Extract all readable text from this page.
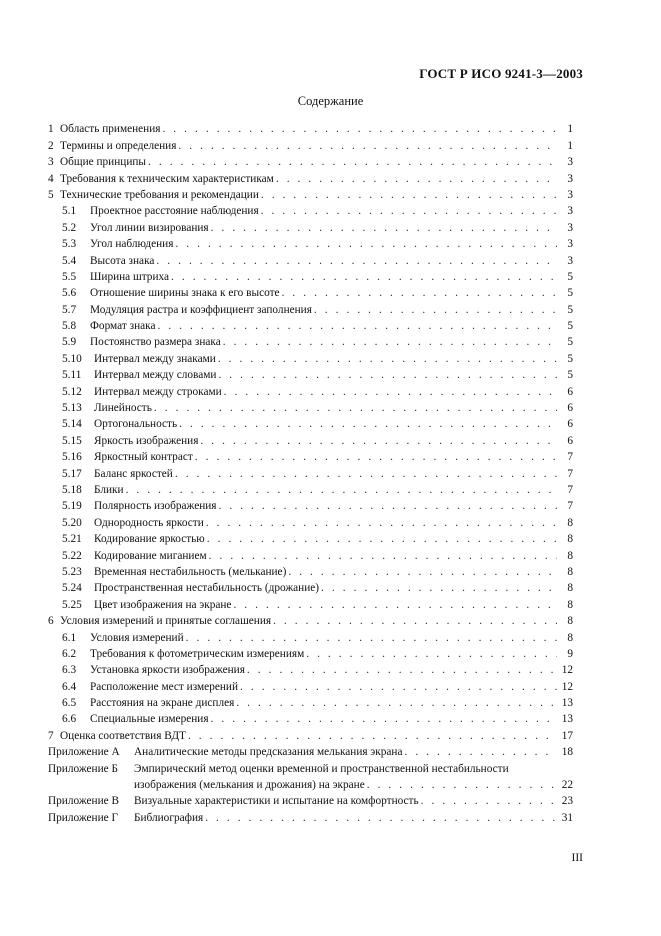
ГОСТ Р ИСО 9241-3—2003
Содержание
1 Область применения . . .	1
2 Термины и определения . . .	1
3 Общие принципы . . .	3
4 Требования к техническим характеристикам . . .	3
5 Технические требования и рекомендации . . .	3
5.1	Проектное расстояние наблюдения . . .	3
5.2	Угол линии визирования . . .	3
5.3	Угол наблюдения . . .	3
5.4	Высота знака . . .	3
5.5	Ширина штриха . . .	5
5.6	Отношение ширины знака к его высоте . . .	5
5.7	Модуляция растра и коэффициент заполнения . . .	5
5.8	Формат знака . . .	5
5.9	Постоянство размера знака . . .	5
5.10	Интервал между знаками . . .	5
5.11	Интервал между словами . . .	5
5.12	Интервал между строками . . .	6
5.13	Линейность . . .	6
5.14	Ортогональность . . .	6
5.15	Яркость изображения . . .	6
5.16	Яркостный контраст . . .	7
5.17	Баланс яркостей . . .	7
5.18	Блики . . .	7
5.19	Полярность изображения . . .	7
5.20	Однородность яркости . . .	8
5.21	Кодирование яркостью . . .	8
5.22	Кодирование миганием . . .	8
5.23	Временная нестабильность (мелькание) . . .	8
5.24	Пространственная нестабильность (дрожание) . . .	8
5.25	Цвет изображения на экране . . .	8
6 Условия измерений и принятые соглашения . . .	8
6.1	Условия измерений . . .	8
6.2	Требования к фотометрическим измерениям . . .	9
6.3	Установка яркости изображения . . .	12
6.4	Расположение мест измерений . . .	12
6.5	Расстояния на экране дисплея . . .	13
6.6	Специальные измерения . . .	13
7 Оценка соответствия ВДТ . . .	17
Приложение А	Аналитические методы предсказания мелькания экрана . . .	18
Приложение Б	Эмпирический метод оценки временной и пространственной нестабильности
изображения (мелькания и дрожания) на экране . . .	22
Приложение В	Визуальные характеристики и испытание на комфортность . . .	23
Приложение Г	Библиография . . .	31
III
